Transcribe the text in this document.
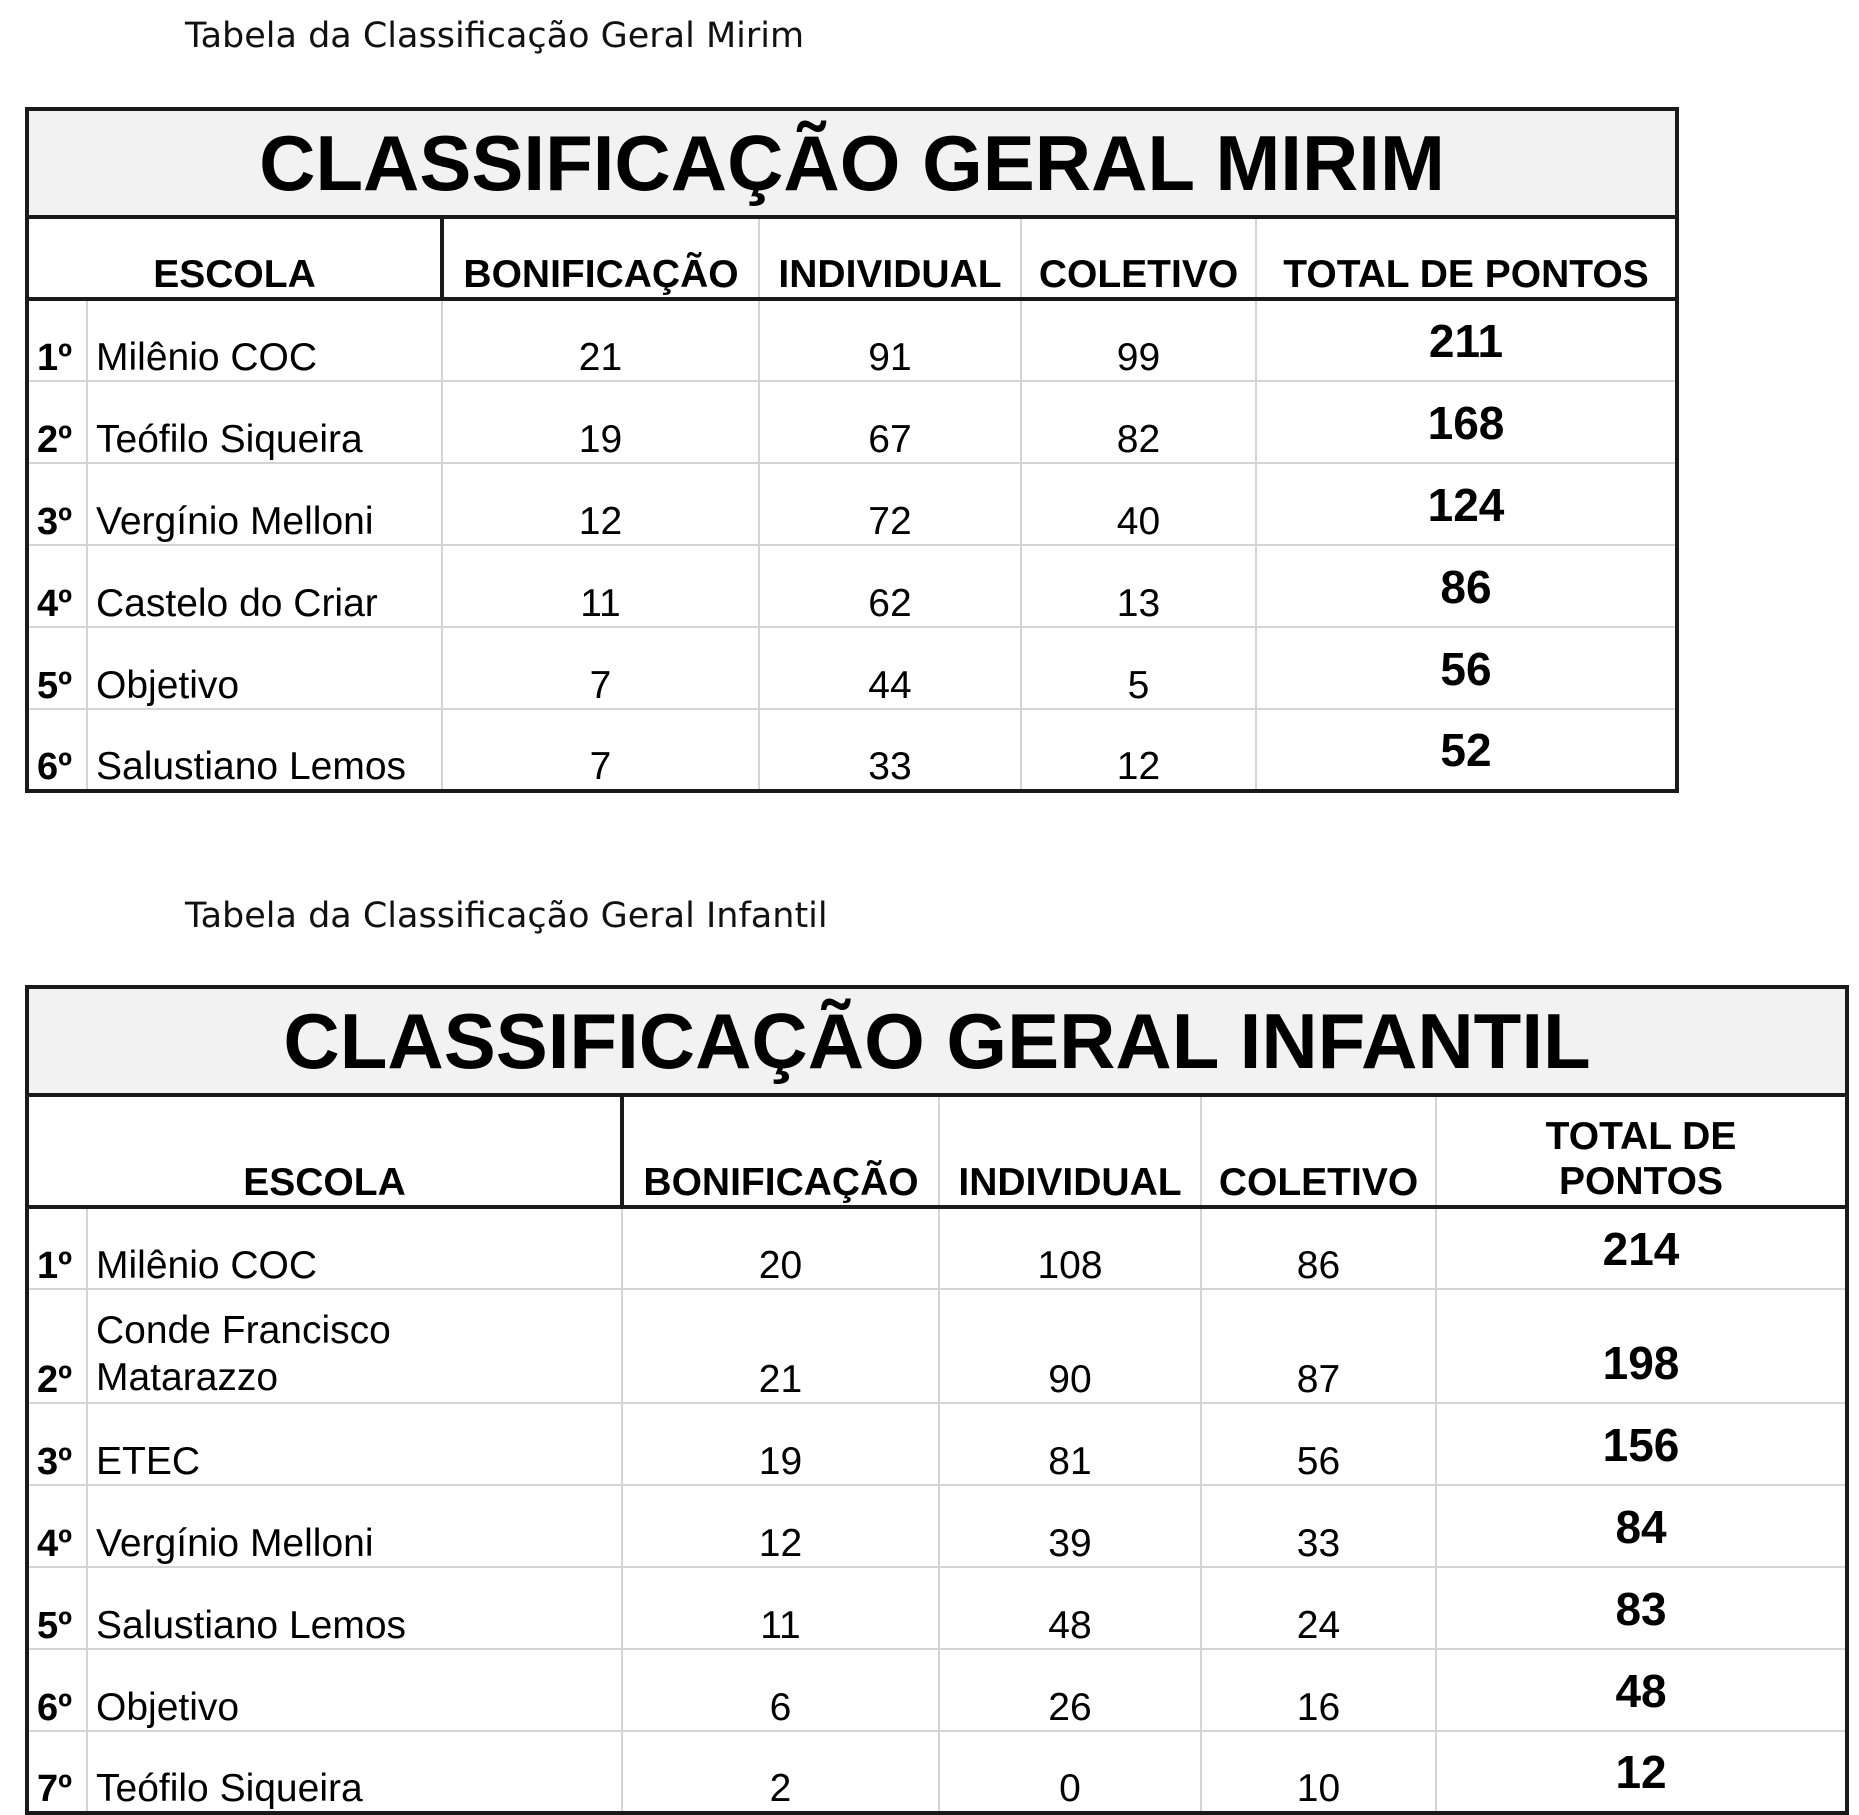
Tabela da Classificação Geral Mirim
CLASSIFICAÇÃO GERAL MIRIM					
ESCOLA		BONIFICAÇÃO	INDIVIDUAL	COLETIVO	TOTAL DE PONTOS
1º	Milênio COC	21	91	99	211
2º	Teófilo Siqueira	19	67	82	168
3º	Vergínio Melloni	12	72	40	124
4º	Castelo do Criar	11	62	13	86
5º	Objetivo	7	44	5	56
6º	Salustiano Lemos	7	33	12	52
Tabela da Classificação Geral Infantil
CLASSIFICAÇÃO GERAL INFANTIL					
ESCOLA		BONIFICAÇÃO	INDIVIDUAL	COLETIVO	TOTAL DE
PONTOS

1º	Milênio COC	20	108	86	214
2º	Conde Francisco
Matarazzo	21	90	87	198
3º	ETEC	19	81	56	156
4º	Vergínio Melloni	12	39	33	84
5º	Salustiano Lemos	11	48	24	83
6º	Objetivo	6	26	16	48
7º	Teófilo Siqueira	2	0	10	12
